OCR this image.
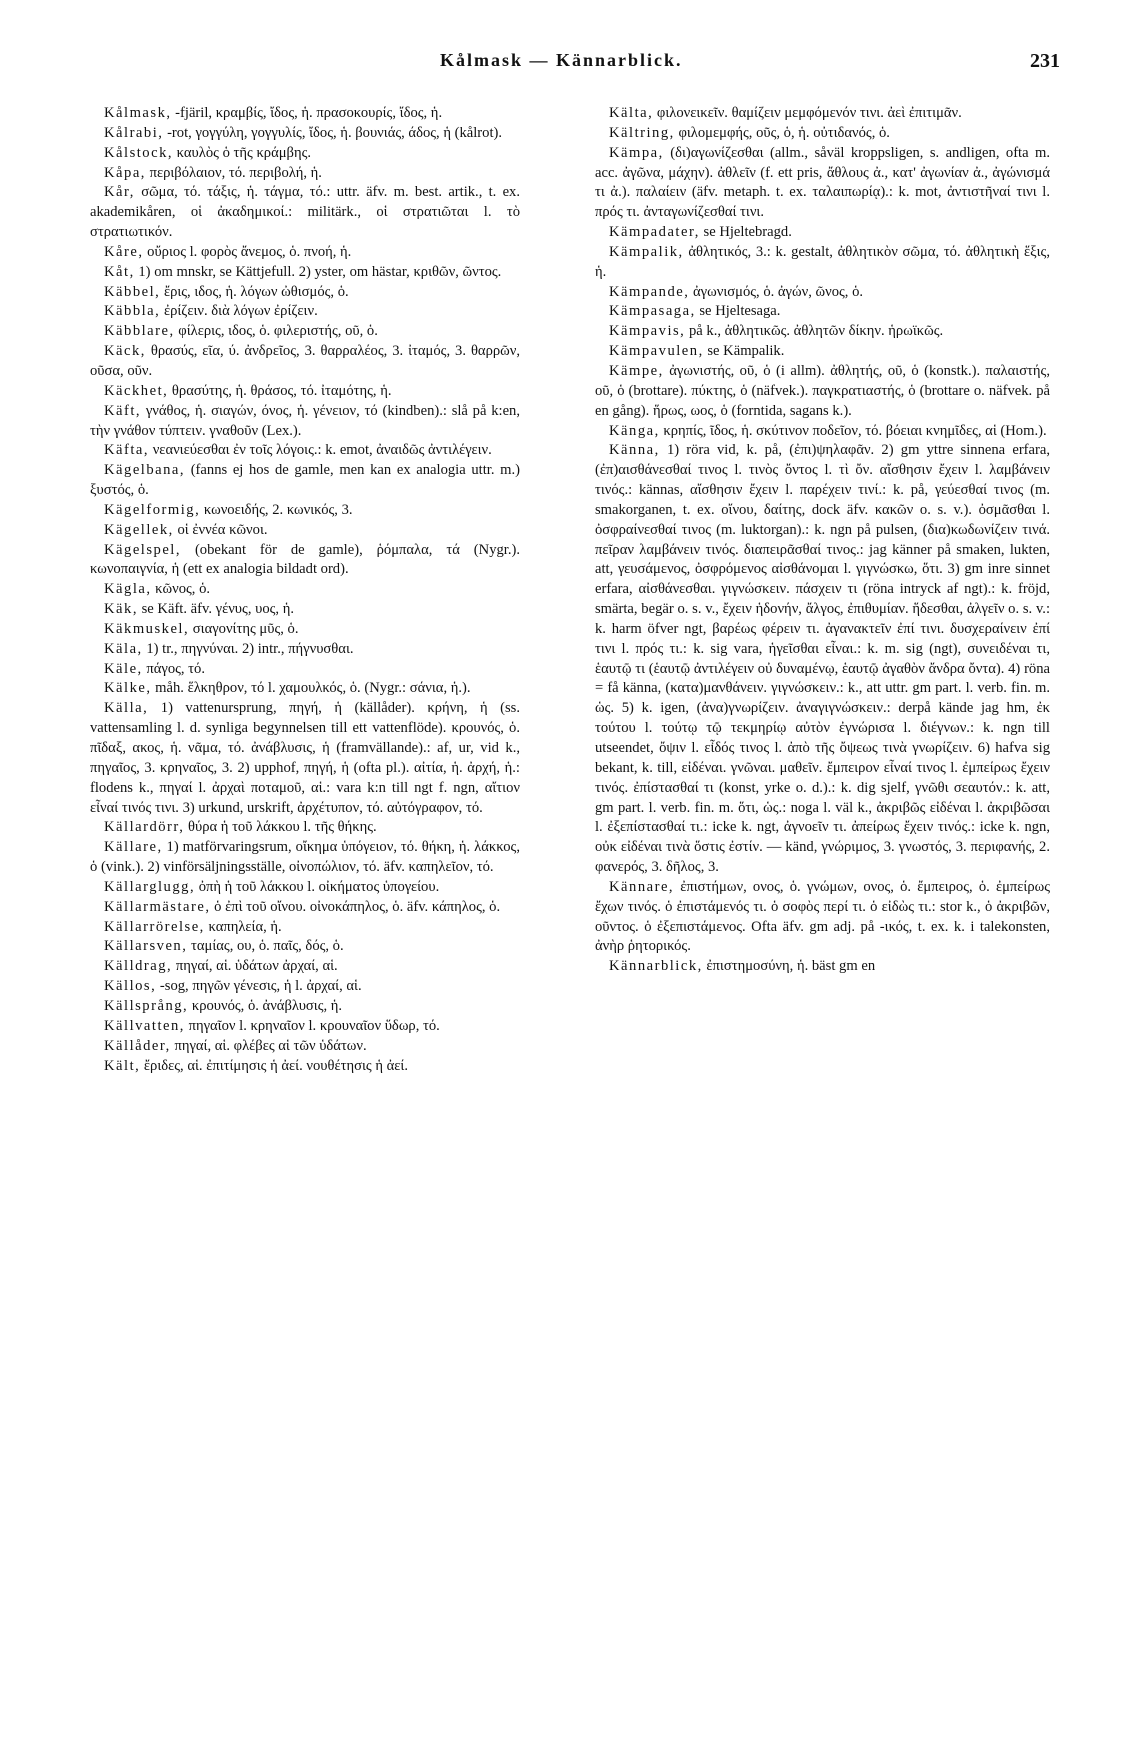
Kålmask — Känn​arblick.	231

Kålmask, -fjäril, κραμβίς, ἴδος, ἡ. πρασοκουρίς, ἴδος, ἡ.

Kålrabi, -rot, γογγύλη, γογγυλίς, ἴδος, ἡ. βουνιάς, άδος, ἡ (kålrot).

Kålstock, καυλὸς ὁ τῆς κράμβης.

Kåpa, περιβόλαιον, τό. περιβολή, ἡ.

Kår, σῶμα, τό. τάξις, ἡ. τάγμα, τό.: uttr. äfv. m. best. artik., t. ex. akademikåren, οἱ ἀκαδημικοί.: militärk., οἱ στρατιῶται l. τὸ στρατιωτικόν.

Kåre, οὔριος l. φορὸς ἄνεμος, ὁ. πνοή, ἡ.

Kåt, 1) om mnskr, se Kättjefull. 2) yster, om hästar, κριθῶν, ῶντος.

Käbbel, ἔρις, ιδος, ἡ. λόγων ὠθισμός, ὁ.

Käbbla, ἐρίζειν. διὰ λόγων ἐρίζειν.

Käbblare, φίλερις, ιδος, ὁ. φιλεριστής, οῦ, ὁ.

Käck, θρασύς, εῖα, ύ. ἀνδρεῖος, 3. θαρραλέος, 3. ἰταμός, 3. θαρρῶν, οῦσα, οῦν.

Käckhet, θρασύτης, ἡ. θράσος, τό. ἰταμότης, ἡ.

Käft, γνάθος, ἡ. σιαγών, όνος, ἡ. γένειον, τό (kindben).: slå på k:en, τὴν γνάθον τύπτειν. γναθοῦν (Lex.).

Käfta, νεανιεύεσθαι ἐν τοῖς λόγοις.: k. emot, ἀναιδῶς ἀντιλέγειν.

Kägelbana, (fanns ej hos de gamle, men kan ex analogia uttr. m.) ξυστός, ὁ.

Kägelformig, κωνοειδής, 2. κωνικός, 3.

Kägellek, οἱ ἐννέα κῶνοι.

Kägelspel, (obekant för de gamle), ῥόμπαλα, τά (Nygr.). κωνοπαιγνία, ἡ (ett ex analogia bildadt ord).

Kägla, κῶνος, ὁ.

Käk, se Käft. äfv. γένυς, υος, ἡ.

Käkmuskel, σιαγονίτης μῦς, ὁ.

Käla, 1) tr., πηγνύναι. 2) intr., πήγνυσθαι.

Käle, πάγος, τό.

Kälke, måh. ἕλκηθρον, τό l. χαμουλκός, ὁ. (Nygr.: σάνια, ἡ.).

Källa, 1) vattenursprung, πηγή, ἡ (källåder). κρήνη, ἡ (ss. vattensamling l. d. synliga begynnelsen till ett vattenflöde). κρουνός, ὁ. πῖδαξ, ακος, ἡ. νᾶμα, τό. ἀνάβλυσις, ἡ (framvällande).: af, ur, vid k., πηγαῖος, 3. κρηναῖος, 3. 2) upphof, πηγή, ἡ (ofta pl.). αἰτία, ἡ. ἀρχή, ἡ.: flodens k., πηγαί l. ἀρχαὶ ποταμοῦ, αἱ.: vara k:n till ngt f. ngn, αἴτιον εἶναί τινός τινι. 3) urkund, urskrift, ἀρχέτυπον, τό. αὐτόγραφον, τό.

Källardörr, θύρα ἡ τοῦ λάκκου l. τῆς θήκης.

Källare, 1) matförvaringsrum, οἴκημα ὑπόγειον, τό. θήκη, ἡ. λάκκος, ὁ (vink.). 2) vinförsäljningsställe, οἰνοπώλιον, τό. äfv. καπηλεῖον, τό.

Källarglugg, ὀπὴ ἡ τοῦ λάκκου l. οἰκήματος ὑπογείου.

Källarmästare, ὁ ἐπὶ τοῦ οἴνου. οἰνοκάπηλος, ὁ. äfv. κάπηλος, ὁ.

Källarrörelse, καπηλεία, ἡ.

Källarsven, ταμίας, ου, ὁ. παῖς, δός, ὁ.

Källdrag, πηγαί, αἱ. ὑδάτων ἀρχαί, αἱ.

Källos, -sog, πηγῶν γένεσις, ἡ l. ἀρχαί, αἱ.

Källsprång, κρουνός, ὁ. ἀνάβλυσις, ἡ.

Källvatten, πηγαῖον l. κρηναῖον l. κρουναῖον ὕδωρ, τό.

Källåder, πηγαί, αἱ. φλέβες αἱ τῶν ὑδάτων.

Kält, ἔριδες, αἱ. ἐπιτίμησις ἡ ἀεί. νουθέτησις ἡ ἀεί.

Kälta, φιλονεικεῖν. θαμίζειν μεμφόμενόν τινι. ἀεὶ ἐπιτιμᾶν.

Kältring, φιλομεμφής, οῦς, ὁ, ἡ. οὐτιδανός, ὁ.

Kämpa, (δι)αγωνίζεσθαι (allm., såväl kroppsligen, s. andligen, ofta m. acc. ἀγῶνα, μάχην). ἀθλεῖν (f. ett pris, ἄθλους ἀ., κατ' ἀγωνίαν ἀ., ἀγώνισμά τι ἀ.). παλαίειν (äfv. metaph. t. ex. ταλαιπωρίᾳ).: k. mot, ἀντιστῆναί τινι l. πρός τι. ἀνταγωνίζεσθαί τινι.

Kämpadater, se Hjeltebragd.

Kämpalik, ἀθλητικός, 3.: k. gestalt, ἀθλητικὸν σῶμα, τό. ἀθλητικὴ ἕξις, ἡ.

Kämpande, ἀγωνισμός, ὁ. ἀγών, ῶνος, ὁ.

Kämpasaga, se Hjeltesaga.

Kämpavis, på k., ἀθλητικῶς. ἀθλητῶν δίκην. ἡρωϊκῶς.

Kämpavulen, se Kämpalik.

Kämpe, ἀγωνιστής, οῦ, ὁ (i allm). ἀθλητής, οῦ, ὁ (konstk.). παλαιστής, οῦ, ὁ (brottare). πύκτης, ὁ (näfvek.). παγκρατιαστής, ὁ (brottare o. näfvek. på en gång). ἥρως, ωος, ὁ (forntida, sagans k.).

Känga, κρηπίς, ῖδος, ἡ. σκύτινον ποδεῖον, τό. βόειαι κνημῖδες, αἱ (Hom.).

Känna, 1) röra vid, k. på, (ἐπι)ψηλαφᾶν. 2) gm yttre sinnena erfara, (ἐπ)αισθάνεσθαί τινος l. τινὸς ὄντος l. τὶ ὄν. αἴσθησιν ἔχειν l. λαμβάνειν τινός.: kännas, αἴσθησιν ἔχειν l. παρέχειν τινί.: k. på, γεύεσθαί τινος (m. smakorganen, t. ex. οἴνου, δαίτης, dock äfv. κακῶν o. s. v.). ὀσμᾶσθαι l. ὀσφραίνεσθαί τινος (m. luktorgan).: k. ngn på pulsen, (δια)κωδωνίζειν τινά. πεῖραν λαμβάνειν τινός. διαπειρᾶσθαί τινος.: jag känner på smaken, lukten, att, γευσάμενος, ὀσφρόμενος αἰσθάνομαι l. γιγνώσκω, ὅτι. 3) gm inre sinnet erfara, αἰσθάνεσθαι. γιγνώσκειν. πάσχειν τι (röna intryck af ngt).: k. fröjd, smärta, begär o. s. v., ἔχειν ἡδονήν, ἄλγος, ἐπιθυμίαν. ἥδεσθαι, ἀλγεῖν o. s. v.: k. harm öfver ngt, βαρέως φέρειν τι. ἀγανακτεῖν ἐπί τινι. δυσχεραίνειν ἐπί τινι l. πρός τι.: k. sig vara, ἡγεῖσθαι εἶναι.: k. m. sig (ngt), συνειδέναι τι, ἑαυτῷ τι (ἑαυτῷ ἀντιλέγειν οὐ δυναμένῳ, ἑαυτῷ ἀγαθὸν ἄνδρα ὄντα). 4) röna = få känna, (κατα)μανθάνειν. γιγνώσκειν.: k., att uttr. gm part. l. verb. fin. m. ὡς. 5) k. igen, (ἀνα)γνωρίζειν. ἀναγιγνώσκειν.: derpå kände jag hm, ἐκ τούτου l. τούτῳ τῷ τεκμηρίῳ αὐτὸν ἐγνώρισα l. διέγνων.: k. ngn till utseendet, ὄψιν l. εἶδός τινος l. ἀπὸ τῆς ὄψεως τινὰ γνωρίζειν. 6) hafva sig bekant, k. till, εἰδέναι. γνῶναι. μαθεῖν. ἔμπειρον εἶναί τινος l. ἐμπείρως ἔχειν τινός. ἐπίστασθαί τι (konst, yrke o. d.).: k. dig sjelf, γνῶθι σεαυτόν.: k. att, gm part. l. verb. fin. m. ὅτι, ὡς.: noga l. väl k., ἀκριβῶς εἰδέναι l. ἀκριβῶσαι l. ἐξεπίστασθαί τι.: icke k. ngt, ἀγνοεῖν τι. ἀπείρως ἔχειν τινός.: icke k. ngn, οὐκ εἰδέναι τινὰ ὅστις ἐστίν. — känd, γνώριμος, 3. γνωστός, 3. περιφανής, 2. φανερός, 3. δῆλος, 3.

Kännare, ἐπιστήμων, ονος, ὁ. γνώμων, ονος, ὁ. ἔμπειρος, ὁ. ἐμπείρως ἔχων τινός. ὁ ἐπιστάμενός τι. ὁ σοφὸς περί τι. ὁ εἰδὼς τι.: stor k., ὁ ἀκριβῶν, οῦντος. ὁ ἐξεπιστάμενος. Ofta äfv. gm adj. på -ικός, t. ex. k. i talekonsten, ἀνὴρ ῥητορικός.

Kännarblick, ἐπιστημοσύνη, ἡ. bäst gm en
